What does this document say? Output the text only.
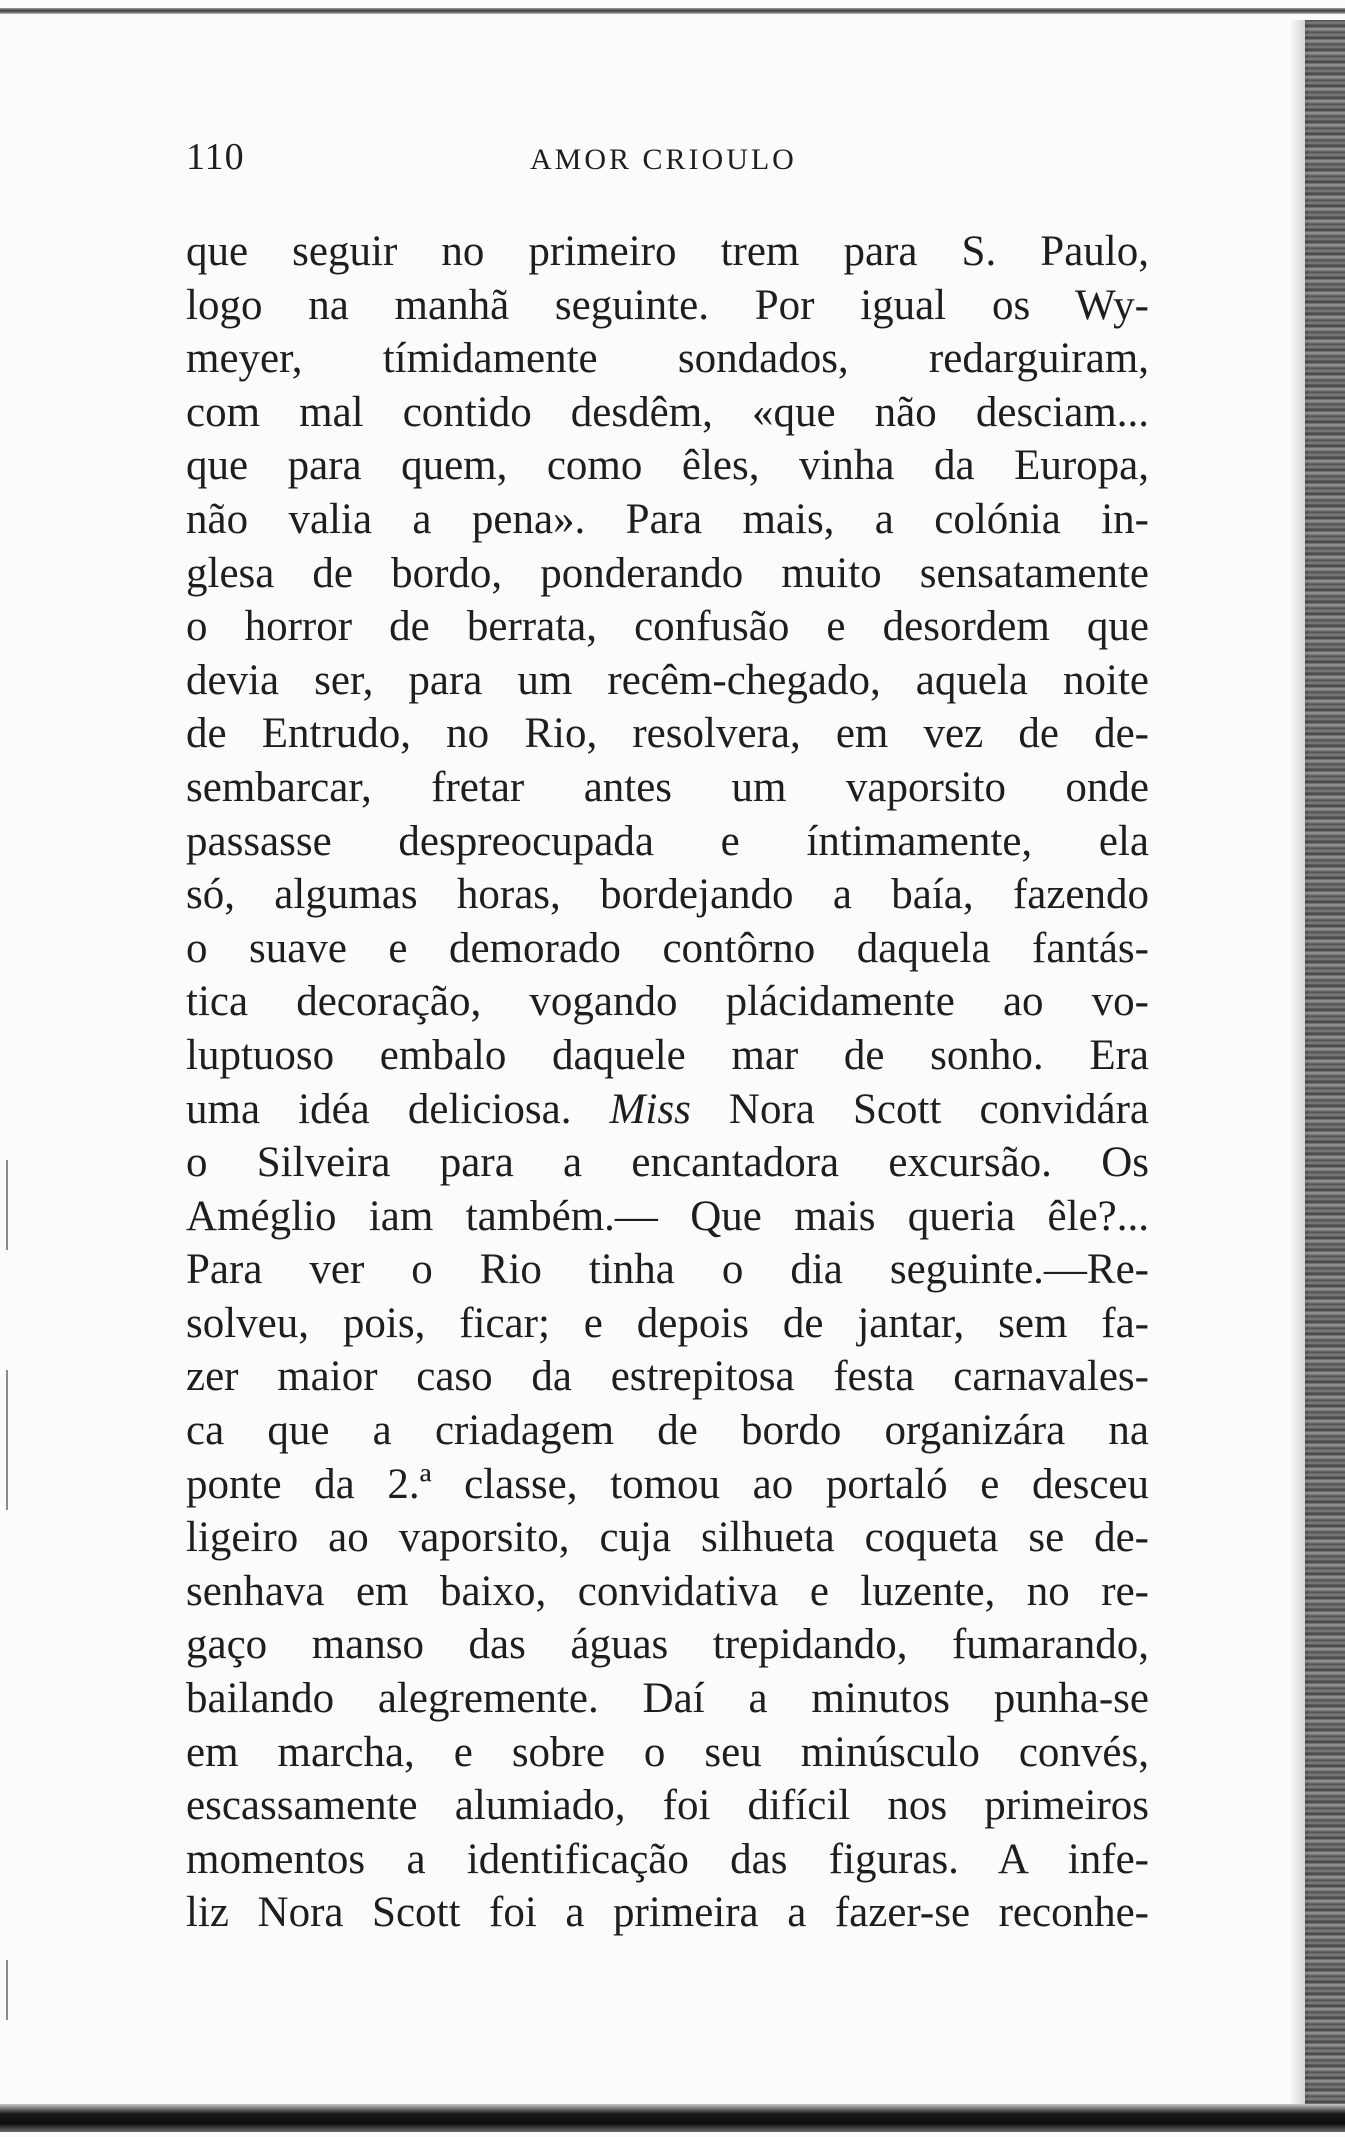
110	AMOR CRIOULO
que seguir no primeiro trem para S. Paulo,
logo na manhã seguinte. Por igual os Wy-
meyer, tímidamente sondados, redarguiram,
com mal contido desdêm, «que não desciam...
que para quem, como êles, vinha da Europa,
não valia a pena». Para mais, a colónia in-
glesa de bordo, ponderando muito sensatamente
o horror de berrata, confusão e desordem que
devia ser, para um recêm-chegado, aquela noite
de Entrudo, no Rio, resolvera, em vez de de-
sembarcar, fretar antes um vaporsito onde
passasse despreocupada e íntimamente, ela
só, algumas horas, bordejando a baía, fazendo
o suave e demorado contôrno daquela fantás-
tica decoração, vogando plácidamente ao vo-
luptuoso embalo daquele mar de sonho. Era
uma idéa deliciosa. Miss Nora Scott convidára
o Silveira para a encantadora excursão. Os
Améglio iam também.— Que mais queria êle?...
Para ver o Rio tinha o dia seguinte.—Re-
solveu, pois, ficar; e depois de jantar, sem fa-
zer maior caso da estrepitosa festa carnavales-
ca que a criadagem de bordo organizára na
ponte da 2.ª classe, tomou ao portaló e desceu
ligeiro ao vaporsito, cuja silhueta coqueta se de-
senhava em baixo, convidativa e luzente, no re-
gaço manso das águas trepidando, fumarando,
bailando alegremente. Daí a minutos punha-se
em marcha, e sobre o seu minúsculo convés,
escassamente alumiado, foi difícil nos primeiros
momentos a identificação das figuras. A infe-
liz Nora Scott foi a primeira a fazer-se reconhe-
